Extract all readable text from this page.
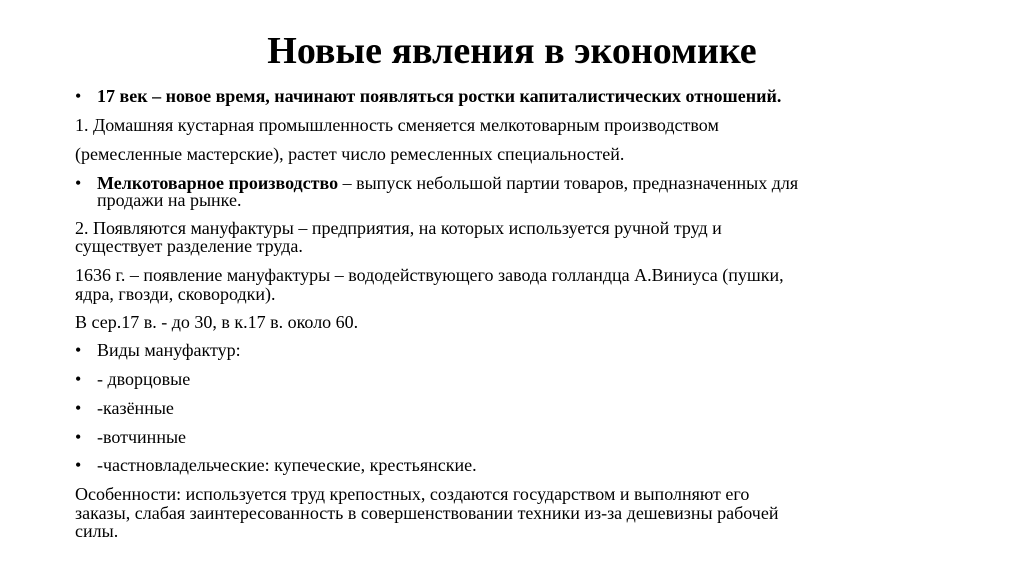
Новые явления в экономике
• 17 век – новое время, начинают появляться ростки капиталистических отношений.
1. Домашняя кустарная промышленность сменяется мелкотоварным производством
(ремесленные мастерские), растет число ремесленных специальностей.
• Мелкотоварное производство – выпуск небольшой партии товаров, предназначенных для
продажи на рынке.
2. Появляются мануфактуры – предприятия, на которых используется ручной труд и
существует разделение труда.
1636 г. – появление мануфактуры – вододействующего завода голландца А.Виниуса (пушки,
ядра, гвозди, сковородки).
В сер.17 в. - до 30, в к.17 в. около 60.
• Виды мануфактур:
• - дворцовые
• -казённые
• -вотчинные
• -частновладельческие: купеческие, крестьянские.
Особенности: используется труд крепостных, создаются государством и выполняют его
заказы, слабая заинтересованность в совершенствовании техники из-за дешевизны рабочей
силы.
